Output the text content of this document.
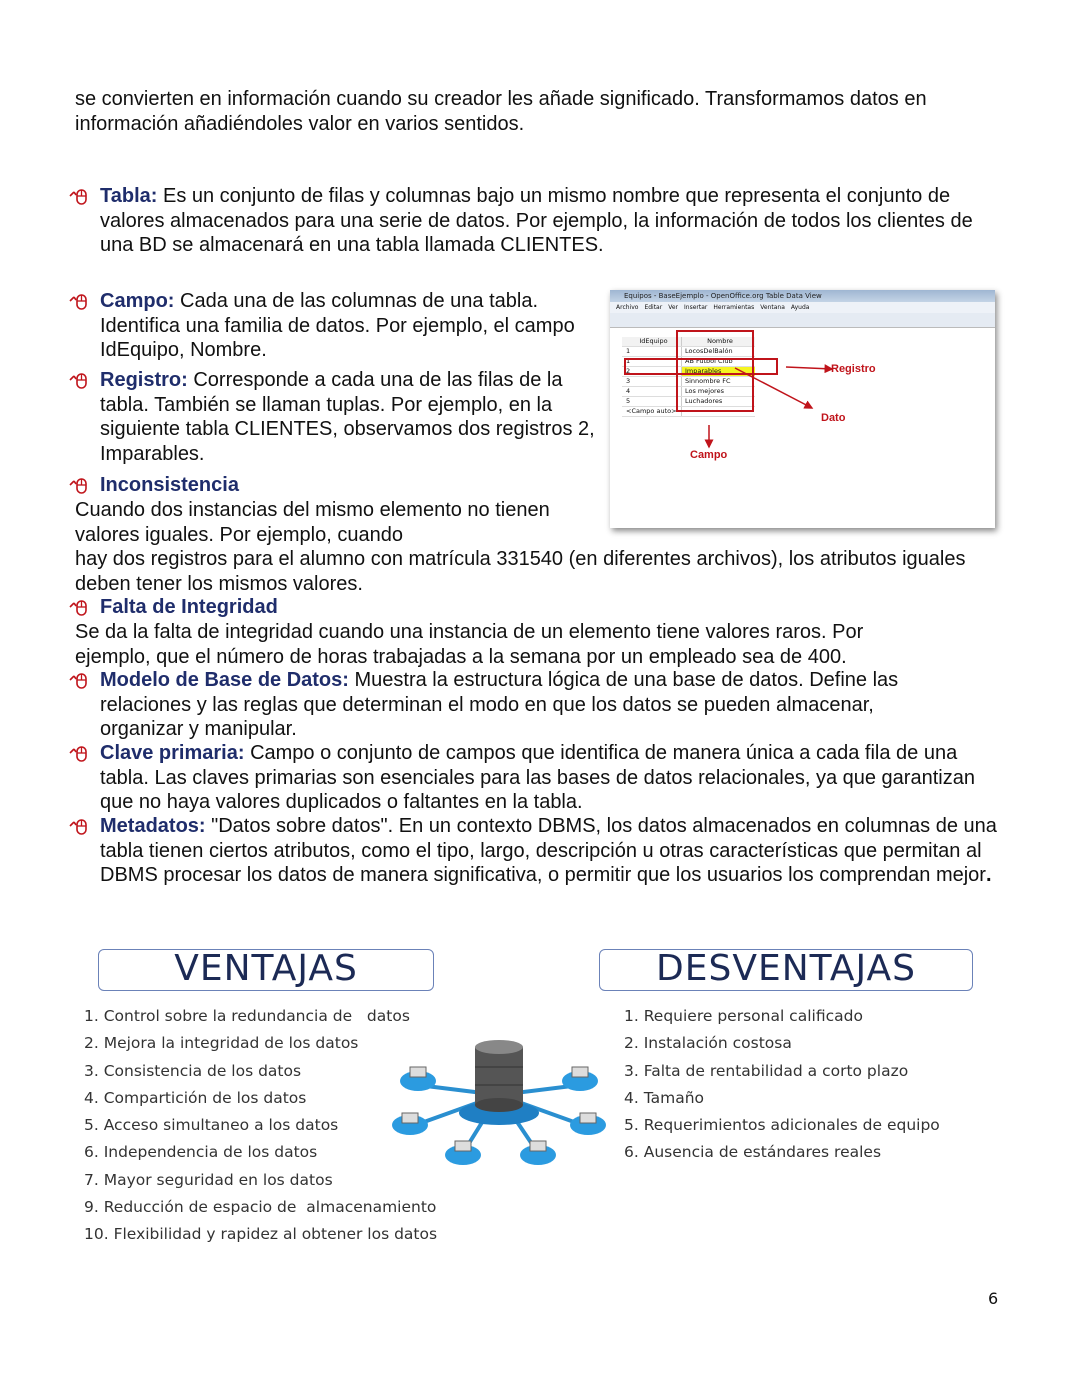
se convierten en información cuando su creador les añade significado. Transformamos datos en información añadiéndoles valor en varios sentidos.
Tabla: Es un conjunto de filas y columnas bajo un mismo nombre que representa el conjunto de valores almacenados para una serie de datos. Por ejemplo, la información de todos los clientes de una BD se almacenará en una tabla llamada CLIENTES.
Campo: Cada una de las columnas de una tabla. Identifica una familia de datos. Por ejemplo, el campo IdEquipo, Nombre.
Registro: Corresponde a cada una de las filas de la tabla. También se llaman tuplas. Por ejemplo, en la siguiente tabla CLIENTES, observamos dos registros 2, Imparables.
Inconsistencia
Cuando dos instancias del mismo elemento no tienen valores iguales. Por ejemplo, cuando
hay dos registros para el alumno con matrícula 331540 (en diferentes archivos), los atributos iguales deben tener los mismos valores.
Falta de Integridad
Se da la falta de integridad cuando una instancia de un elemento tiene valores raros. Por ejemplo, que el número de horas trabajadas a la semana por un empleado sea de 400.
Modelo de Base de Datos: Muestra la estructura lógica de una base de datos. Define las relaciones y las reglas que determinan el modo en que los datos se pueden almacenar, organizar y manipular.
Clave primaria: Campo o conjunto de campos que identifica de manera única a cada fila de una tabla. Las claves primarias son esenciales para las bases de datos relacionales, ya que garantizan que no haya valores duplicados o faltantes en la tabla.
Metadatos: "Datos sobre datos". En un contexto DBMS, los datos almacenados en columnas de una tabla tienen ciertos atributos, como el tipo, largo, descripción u otras características que permitan al DBMS procesar los datos de manera significativa, o permitir que los usuarios los comprendan mejor.
Equipos - BaseEjemplo - OpenOffice.org Table Data View
Archivo Editar Ver Insertar Herramientas Ventana Ayuda
IdEquipo	Nombre
1	LocosDelBalón
1	AB Fútbol Club
2	Imparables
3	Sinnombre FC
4	Los mejores
5	Luchadores
<Campo auto>
Registro
Dato
Campo
VENTAJAS	DESVENTAJAS
1. Control sobre la redundancia de   datos
2. Mejora la integridad de los datos
3. Consistencia de los datos
4. Compartición de los datos
5. Acceso simultaneo a los datos
6. Independencia de los datos
7. Mayor seguridad en los datos
9. Reducción de espacio de  almacenamiento
10. Flexibilidad y rapidez al obtener los datos
1. Requiere personal calificado
2. Instalación costosa
3. Falta de rentabilidad a corto plazo
4. Tamaño
5. Requerimientos adicionales de equipo
6. Ausencia de estándares reales
6
